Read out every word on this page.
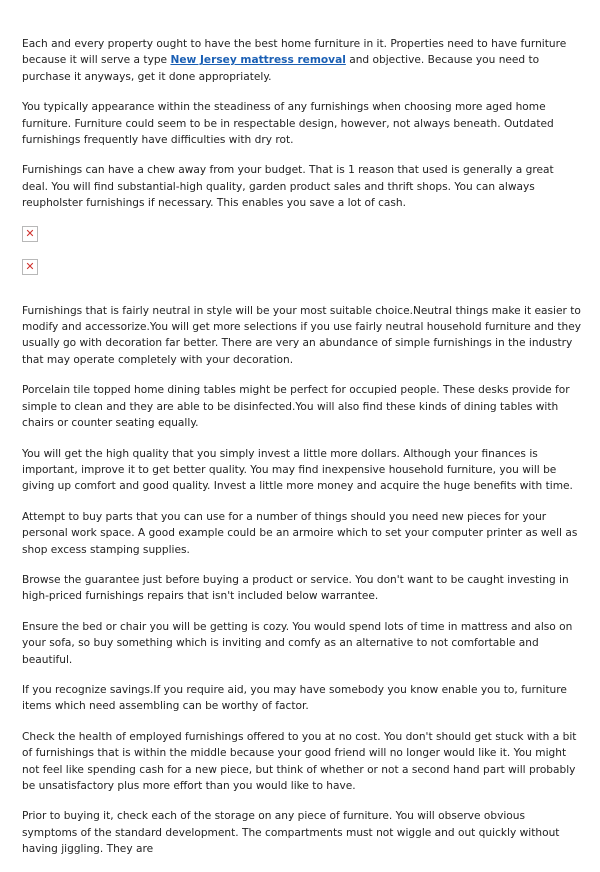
Each and every property ought to have the best home furniture in it. Properties need to have furniture because it will serve a type New Jersey mattress removal and objective. Because you need to purchase it anyways, get it done appropriately.

You typically appearance within the steadiness of any furnishings when choosing more aged home furniture. Furniture could seem to be in respectable design, however, not always beneath. Outdated furnishings frequently have difficulties with dry rot.

Furnishings can have a chew away from your budget. That is 1 reason that used is generally a great deal. You will find substantial-high quality, garden product sales and thrift shops. You can always reupholster furnishings if necessary. This enables you save a lot of cash.

✕
✕

Furnishings that is fairly neutral in style will be your most suitable choice.Neutral things make it easier to modify and accessorize.You will get more selections if you use fairly neutral household furniture and they usually go with decoration far better. There are very an abundance of simple furnishings in the industry that may operate completely with your decoration.

Porcelain tile topped home dining tables might be perfect for occupied people. These desks provide for simple to clean and they are able to be disinfected.You will also find these kinds of dining tables with chairs or counter seating equally.

You will get the high quality that you simply invest a little more dollars. Although your finances is important, improve it to get better quality. You may find inexpensive household furniture, you will be giving up comfort and good quality. Invest a little more money and acquire the huge benefits with time.

Attempt to buy parts that you can use for a number of things should you need new pieces for your personal work space. A good example could be an armoire which to set your computer printer as well as shop excess stamping supplies.

Browse the guarantee just before buying a product or service. You don't want to be caught investing in high-priced furnishings repairs that isn't included below warrantee.

Ensure the bed or chair you will be getting is cozy. You would spend lots of time in mattress and also on your sofa, so buy something which is inviting and comfy as an alternative to not comfortable and beautiful.

If you recognize savings.If you require aid, you may have somebody you know enable you to, furniture items which need assembling can be worthy of factor.

Check the health of employed furnishings offered to you at no cost. You don't should get stuck with a bit of furnishings that is within the middle because your good friend will no longer would like it. You might not feel like spending cash for a new piece, but think of whether or not a second hand part will probably be unsatisfactory plus more effort than you would like to have.

Prior to buying it, check each of the storage on any piece of furniture. You will observe obvious symptoms of the standard development. The compartments must not wiggle and out quickly without having jiggling. They are
